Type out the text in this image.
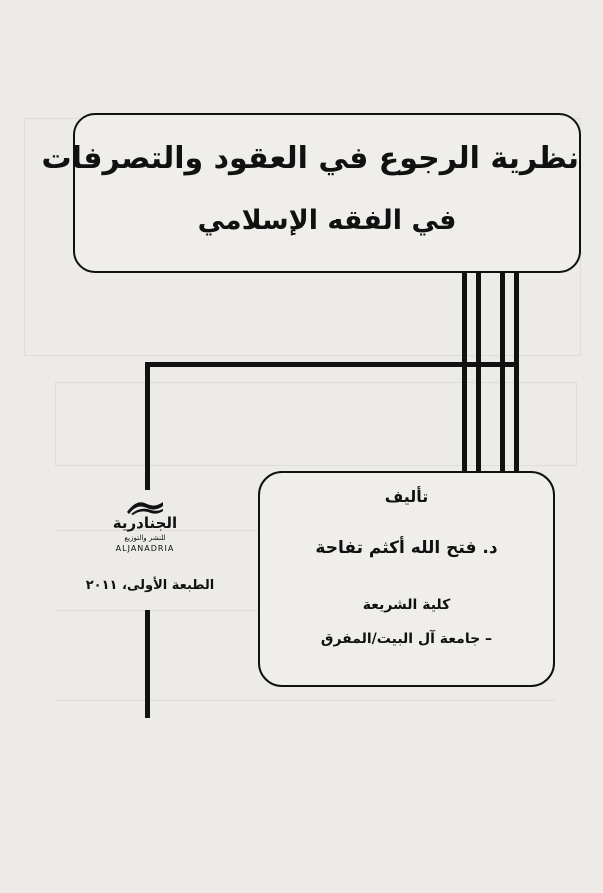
نظرية الرجوع في العقود والتصرفات
في الفقه الإسلامي
الجنادرية
للنشر والتوزيع
ALJANADRIA
الطبعة الأولى، ٢٠١١
تأليف
د. فتح الله أكثم تفاحة
كلية الشريعة
– جامعة آل البيت/المفرق
